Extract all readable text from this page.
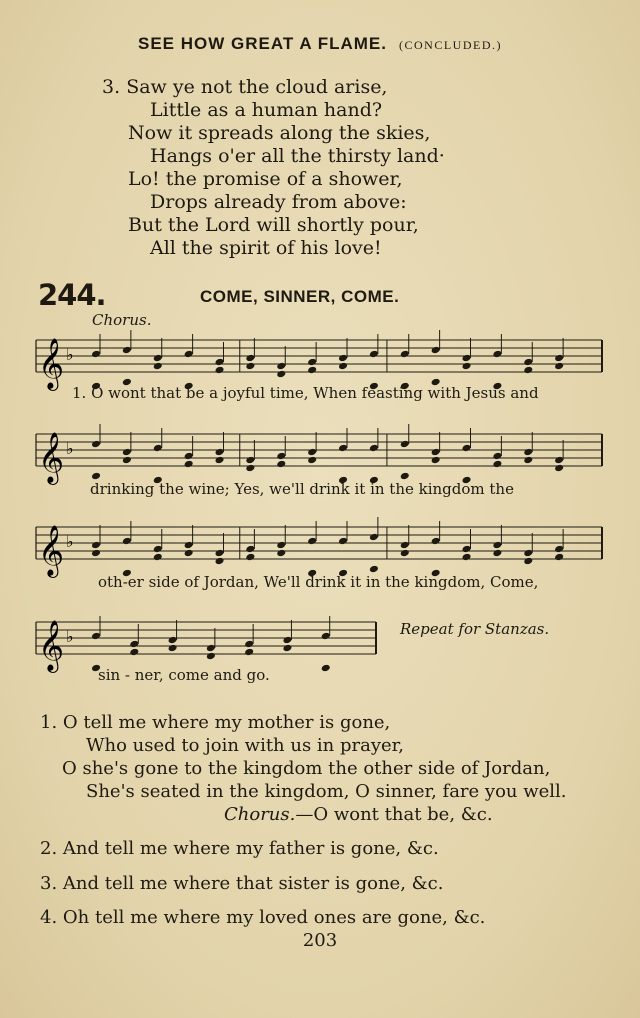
SEE HOW GREAT A FLAME. (CONCLUDED.)
3. Saw ye not the cloud arise,
Little as a human hand?
Now it spreads along the skies,
Hangs o'er all the thirsty land·
Lo! the promise of a shower,
Drops already from above:
But the Lord will shortly pour,
All the spirit of his love!
244.	COME, SINNER, COME.
Chorus.
𝄞 ♭
1. O wont that be a joyful time, When feasting with Jesus and
𝄞 ♭
drinking the wine; Yes, we'll drink it in the kingdom the
𝄞 ♭
oth-er side of Jordan, We'll drink it in the kingdom, Come,
𝄞 ♭
sin - ner, come and go.
Repeat for Stanzas.
1. O tell me where my mother is gone,
Who used to join with us in prayer,
O she's gone to the kingdom the other side of Jordan,
She's seated in the kingdom, O sinner, fare you well.
Chorus.—O wont that be, &c.
2. And tell me where my father is gone, &c.
3. And tell me where that sister is gone, &c.
4. Oh tell me where my loved ones are gone, &c.
203
